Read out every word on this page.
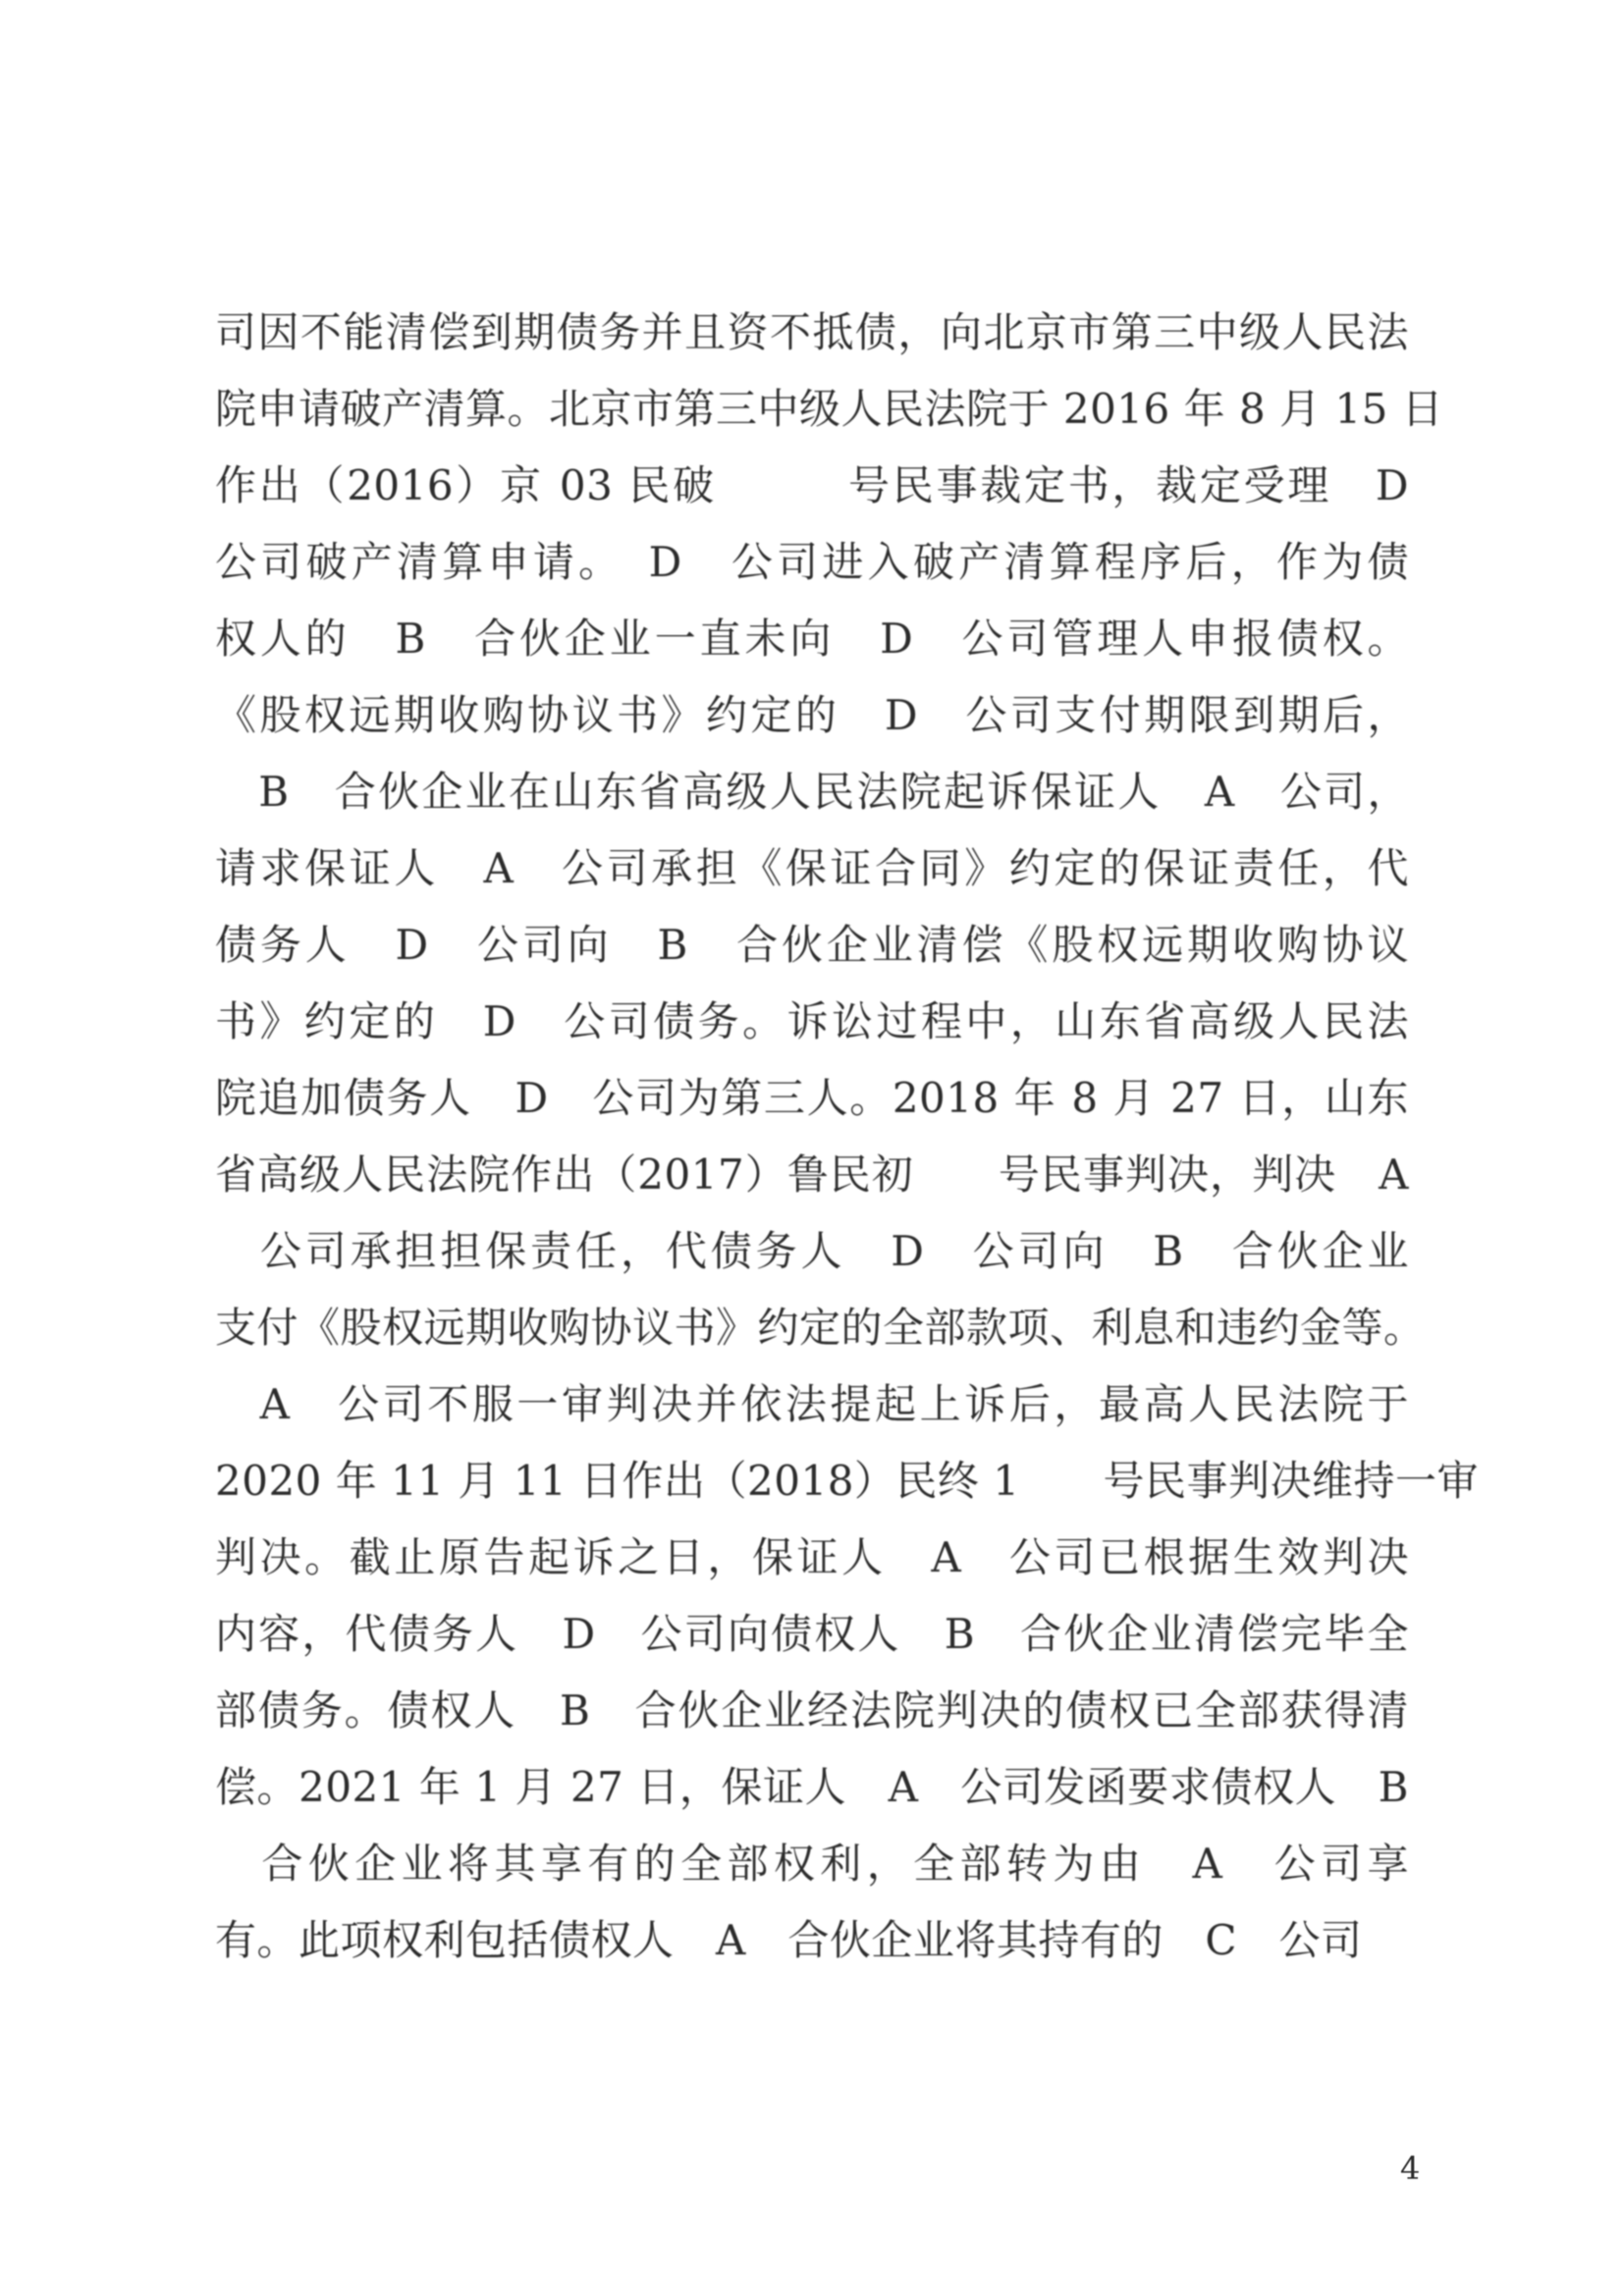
司因不能清偿到期债务并且资不抵债，向北京市第三中级人民法
院申请破产清算。北京市第三中级人民法院于 2016 年 8 月 15 日
作出（2016）京 03 民破　　　号民事裁定书，裁定受理　D　　
公司破产清算申请。　D　公司进入破产清算程序后，作为债
权人的　B　合伙企业一直未向　D　公司管理人申报债权。
《股权远期收购协议书》约定的　D　公司支付期限到期后，
　B　合伙企业在山东省高级人民法院起诉保证人　A　公司，
请求保证人　A　公司承担《保证合同》约定的保证责任，代
债务人　D　公司向　B　合伙企业清偿《股权远期收购协议
书》约定的　D　公司债务。诉讼过程中，山东省高级人民法
院追加债务人　D　公司为第三人。2018 年 8 月 27 日，山东
省高级人民法院作出（2017）鲁民初　　号民事判决，判决　A
　公司承担担保责任，代债务人　D　公司向　B　合伙企业
支付《股权远期收购协议书》约定的全部款项、利息和违约金等。
　A　公司不服一审判决并依法提起上诉后，最高人民法院于
2020 年 11 月 11 日作出（2018）民终 1　　号民事判决维持一审
判决。截止原告起诉之日，保证人　A　公司已根据生效判决
内容，代债务人　D　公司向债权人　B　合伙企业清偿完毕全
部债务。债权人　B　合伙企业经法院判决的债权已全部获得清
偿。2021 年 1 月 27 日，保证人　A　公司发函要求债权人　B
　合伙企业将其享有的全部权利，全部转为由　A　公司享
有。此项权利包括债权人　A　合伙企业将其持有的　C　公司
4
